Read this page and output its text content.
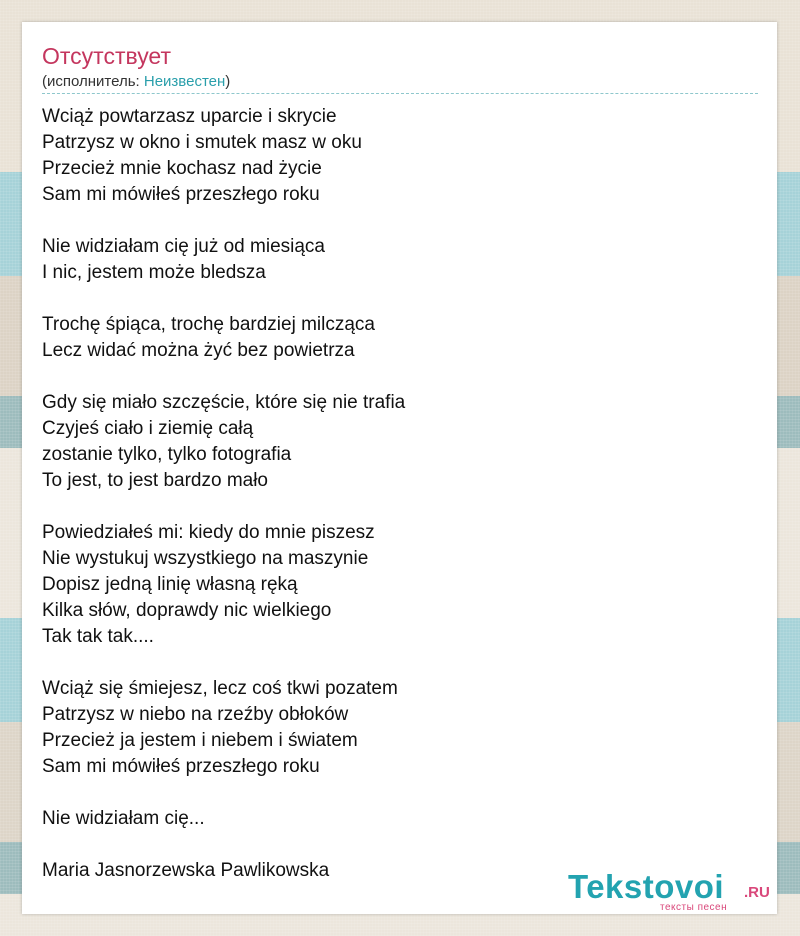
Отсутствует
(исполнитель: Неизвестен)
Wciąż powtarzasz uparcie i skrycie
Patrzysz w okno i smutek masz w oku
Przecież mnie kochasz nad życie
Sam mi mówiłeś przeszłego roku
Nie widziałam cię już od miesiąca
I nic, jestem może bledsza
Trochę śpiąca, trochę bardziej milcząca
Lecz widać można żyć bez powietrza
Gdy się miało szczęście, które się nie trafia
Czyjeś ciało i ziemię całą
zostanie tylko, tylko fotografia
To jest, to jest bardzo mało
Powiedziałeś mi: kiedy do mnie piszesz
Nie wystukuj wszystkiego na maszynie
Dopisz jedną linię własną ręką
Kilka słów, doprawdy nic wielkiego
Tak tak tak....
Wciąż się śmiejesz, lecz coś tkwi pozatem
Patrzysz w niebo na rzeźby obłoków
Przecież ja jestem i niebem i światem
Sam mi mówiłeś przeszłego roku
Nie widziałam cię...
Maria Jasnorzewska Pawlikowska	Tekstovoi .RU
тексты песен
